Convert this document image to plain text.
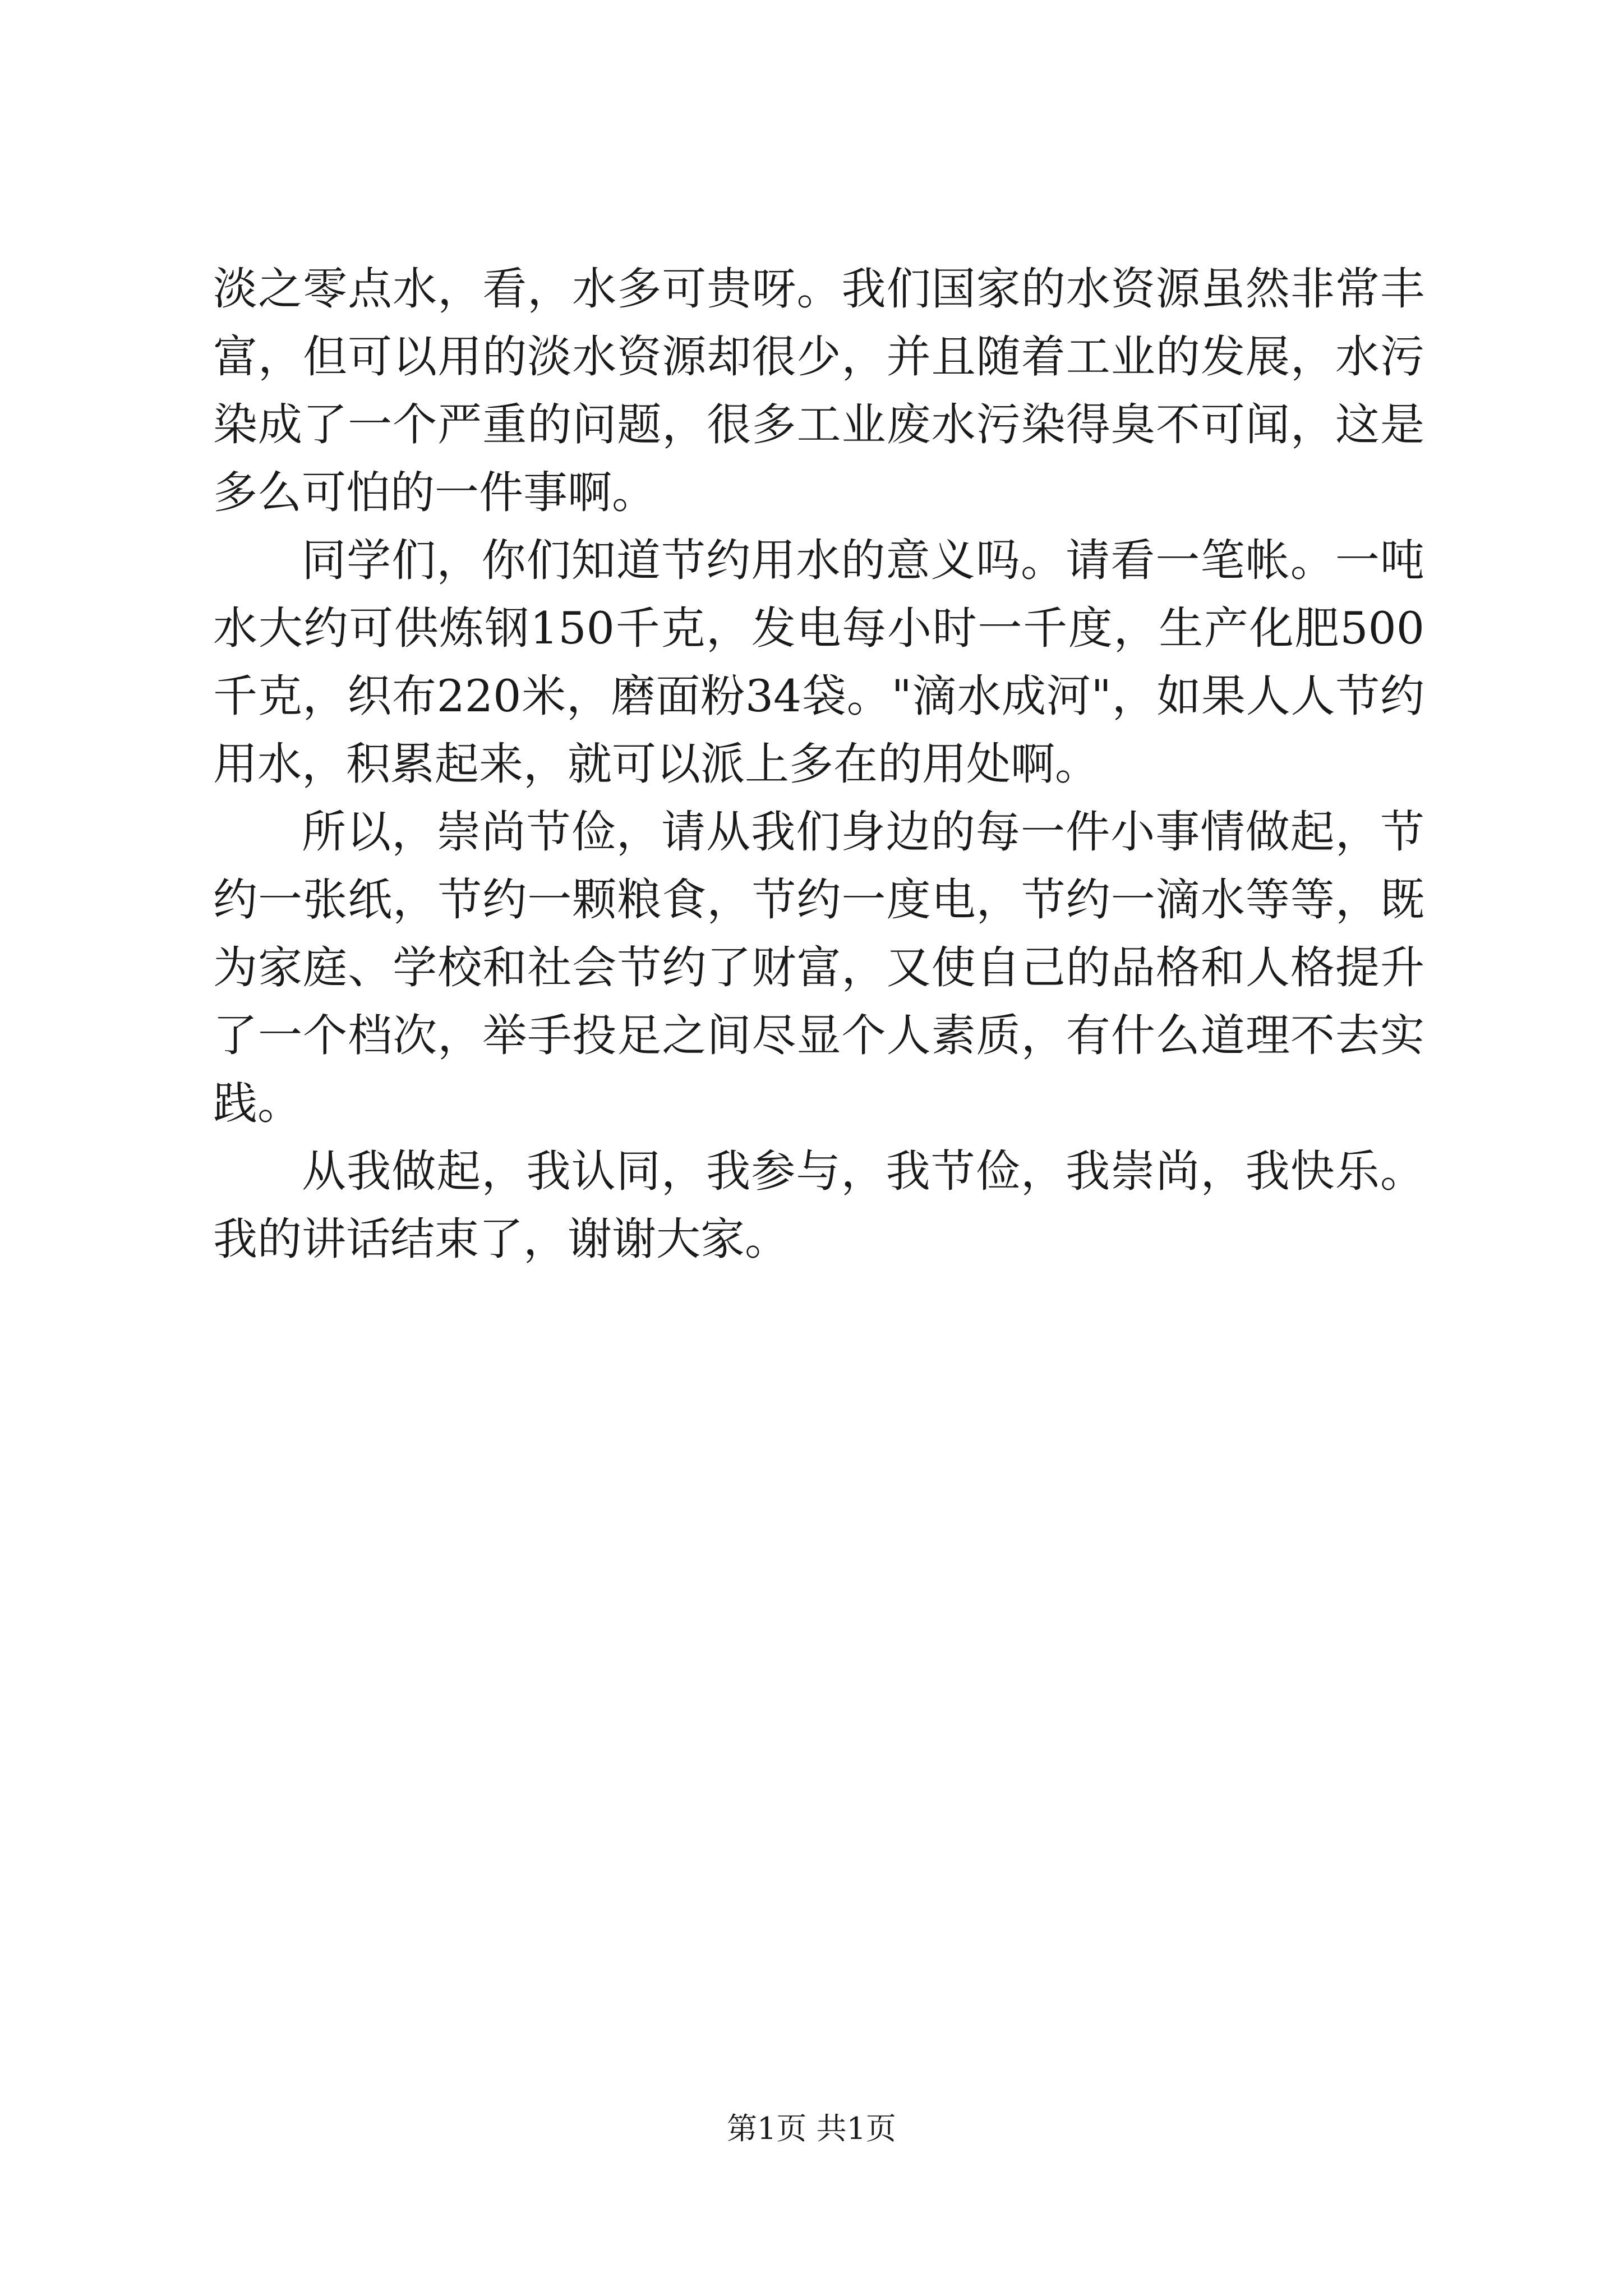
淡之零点水，看，水多可贵呀。我们国家的水资源虽然非常丰富，但可以用的淡水资源却很少，并且随着工业的发展，水污染成了一个严重的问题，很多工业废水污染得臭不可闻，这是多么可怕的一件事啊。

同学们，你们知道节约用水的意义吗。请看一笔帐。一吨水大约可供炼钢150千克，发电每小时一千度，生产化肥500千克，织布220米，磨面粉34袋。"滴水成河"，如果人人节约用水，积累起来，就可以派上多在的用处啊。

所以，崇尚节俭，请从我们身边的每一件小事情做起，节约一张纸，节约一颗粮食，节约一度电，节约一滴水等等，既为家庭、学校和社会节约了财富，又使自己的品格和人格提升了一个档次，举手投足之间尽显个人素质，有什么道理不去实践。

从我做起，我认同，我参与，我节俭，我崇尚，我快乐。我的讲话结束了，谢谢大家。

第1页 共1页
